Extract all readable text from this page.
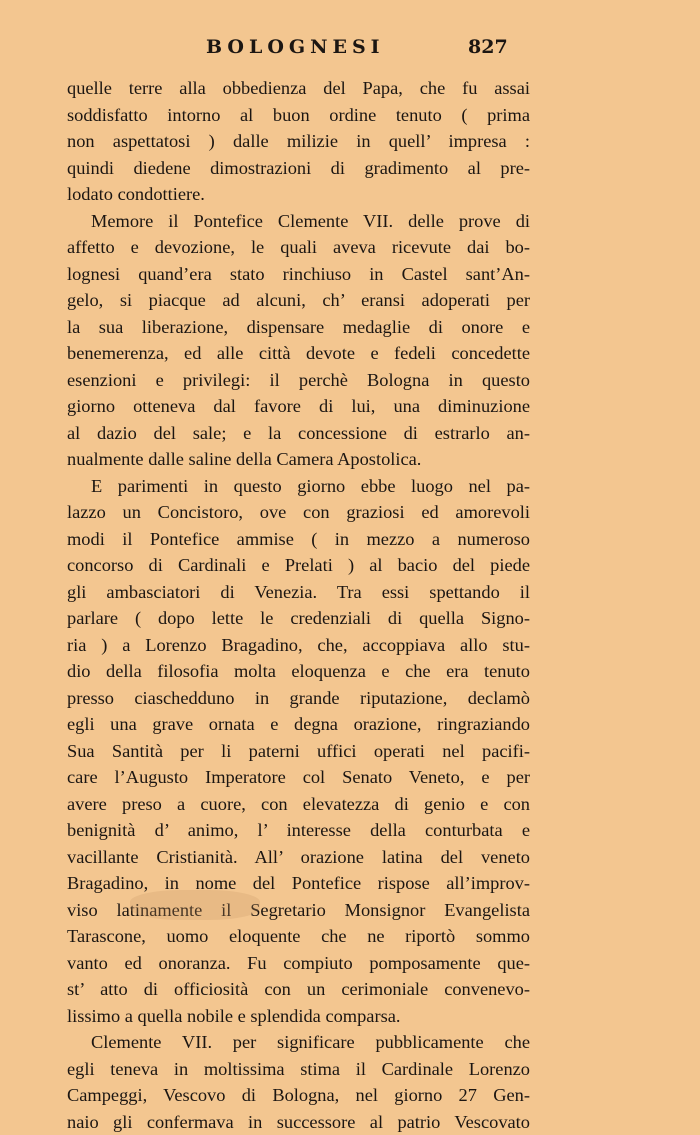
BOLOGNESI	827
quelle terre alla obbedienza del Papa, che fu assai
soddisfatto intorno al buon ordine tenuto ( prima
non aspettatosi ) dalle milizie in quell’ impresa :
quindi diedene dimostrazioni di gradimento al pre-
lodato condottiere.
Memore il Pontefice Clemente VII. delle prove di
affetto e devozione, le quali aveva ricevute dai bo-
lognesi quand’era stato rinchiuso in Castel sant’An-
gelo, si piacque ad alcuni, ch’ eransi adoperati per
la sua liberazione, dispensare medaglie di onore e
benemerenza, ed alle città devote e fedeli concedette
esenzioni e privilegi: il perchè Bologna in questo
giorno otteneva dal favore di lui, una diminuzione
al dazio del sale; e la concessione di estrarlo an-
nualmente dalle saline della Camera Apostolica.
E parimenti in questo giorno ebbe luogo nel pa-
lazzo un Concistoro, ove con graziosi ed amorevoli
modi il Pontefice ammise ( in mezzo a numeroso
concorso di Cardinali e Prelati ) al bacio del piede
gli ambasciatori di Venezia. Tra essi spettando il
parlare ( dopo lette le credenziali di quella Signo-
ria ) a Lorenzo Bragadino, che, accoppiava allo stu-
dio della filosofia molta eloquenza e che era tenuto
presso ciaschedduno in grande riputazione, declamò
egli una grave ornata e degna orazione, ringraziando
Sua Santità per li paterni uffici operati nel pacifi-
care l’Augusto Imperatore col Senato Veneto, e per
avere preso a cuore, con elevatezza di genio e con
benignità d’ animo, l’ interesse della conturbata e
vacillante Cristianità. All’ orazione latina del veneto
Bragadino, in nome del Pontefice rispose all’improv-
viso latinamente il Segretario Monsignor Evangelista
Tarascone, uomo eloquente che ne riportò sommo
vanto ed onoranza. Fu compiuto pomposamente que-
st’ atto di officiosità con un cerimoniale convenevo-
lissimo a quella nobile e splendida comparsa.
Clemente VII. per significare pubblicamente che
egli teneva in moltissima stima il Cardinale Lorenzo
Campeggi, Vescovo di Bologna, nel giorno 27 Gen-
naio gli confermava in successore al patrio Vescovato
